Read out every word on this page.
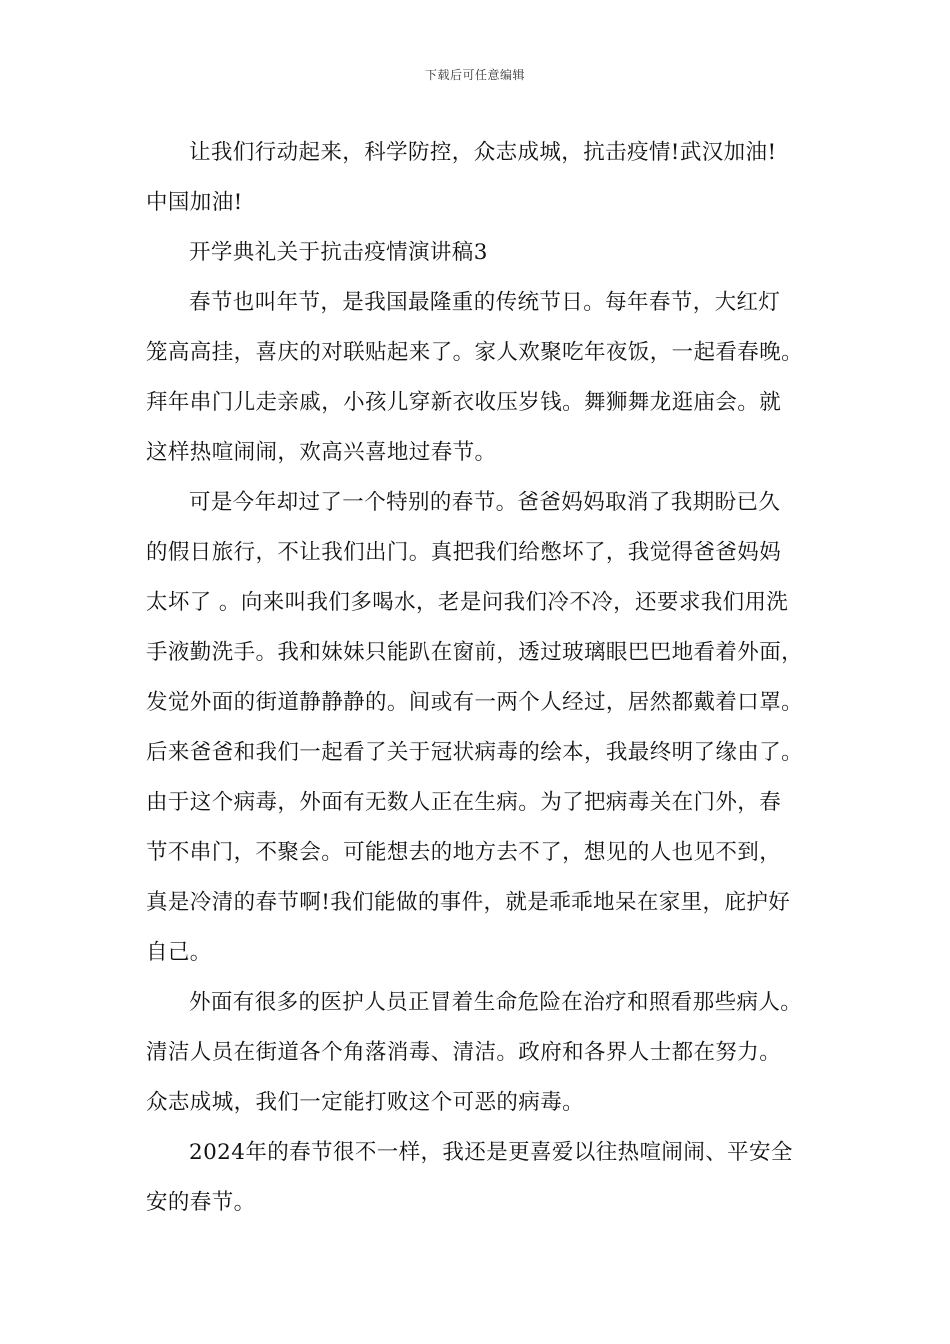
下载后可任意编辑
让我们行动起来，科学防控，众志成城，抗击疫情!武汉加油!
中国加油!
开学典礼关于抗击疫情演讲稿3
春节也叫年节，是我国最隆重的传统节日。每年春节，大红灯
笼高高挂，喜庆的对联贴起来了。家人欢聚吃年夜饭，一起看春晚。
拜年串门儿走亲戚，小孩儿穿新衣收压岁钱。舞狮舞龙逛庙会。就
这样热喧闹闹，欢高兴喜地过春节。
可是今年却过了一个特别的春节。爸爸妈妈取消了我期盼已久
的假日旅行，不让我们出门。真把我们给憋坏了，我觉得爸爸妈妈
太坏了 。向来叫我们多喝水，老是问我们冷不冷，还要求我们用洗
手液勤洗手。我和妹妹只能趴在窗前，透过玻璃眼巴巴地看着外面，
发觉外面的街道静静静的。间或有一两个人经过，居然都戴着口罩。
后来爸爸和我们一起看了关于冠状病毒的绘本，我最终明了缘由了。
由于这个病毒，外面有无数人正在生病。为了把病毒关在门外，春
节不串门，不聚会。可能想去的地方去不了，想见的人也见不到，
真是冷清的春节啊!我们能做的事件，就是乖乖地呆在家里，庇护好
自己。
外面有很多的医护人员正冒着生命危险在治疗和照看那些病人。
清洁人员在街道各个角落消毒、清洁。政府和各界人士都在努力。
众志成城，我们一定能打败这个可恶的病毒。
2024年的春节很不一样，我还是更喜爱以往热喧闹闹、平安全
安的春节。
